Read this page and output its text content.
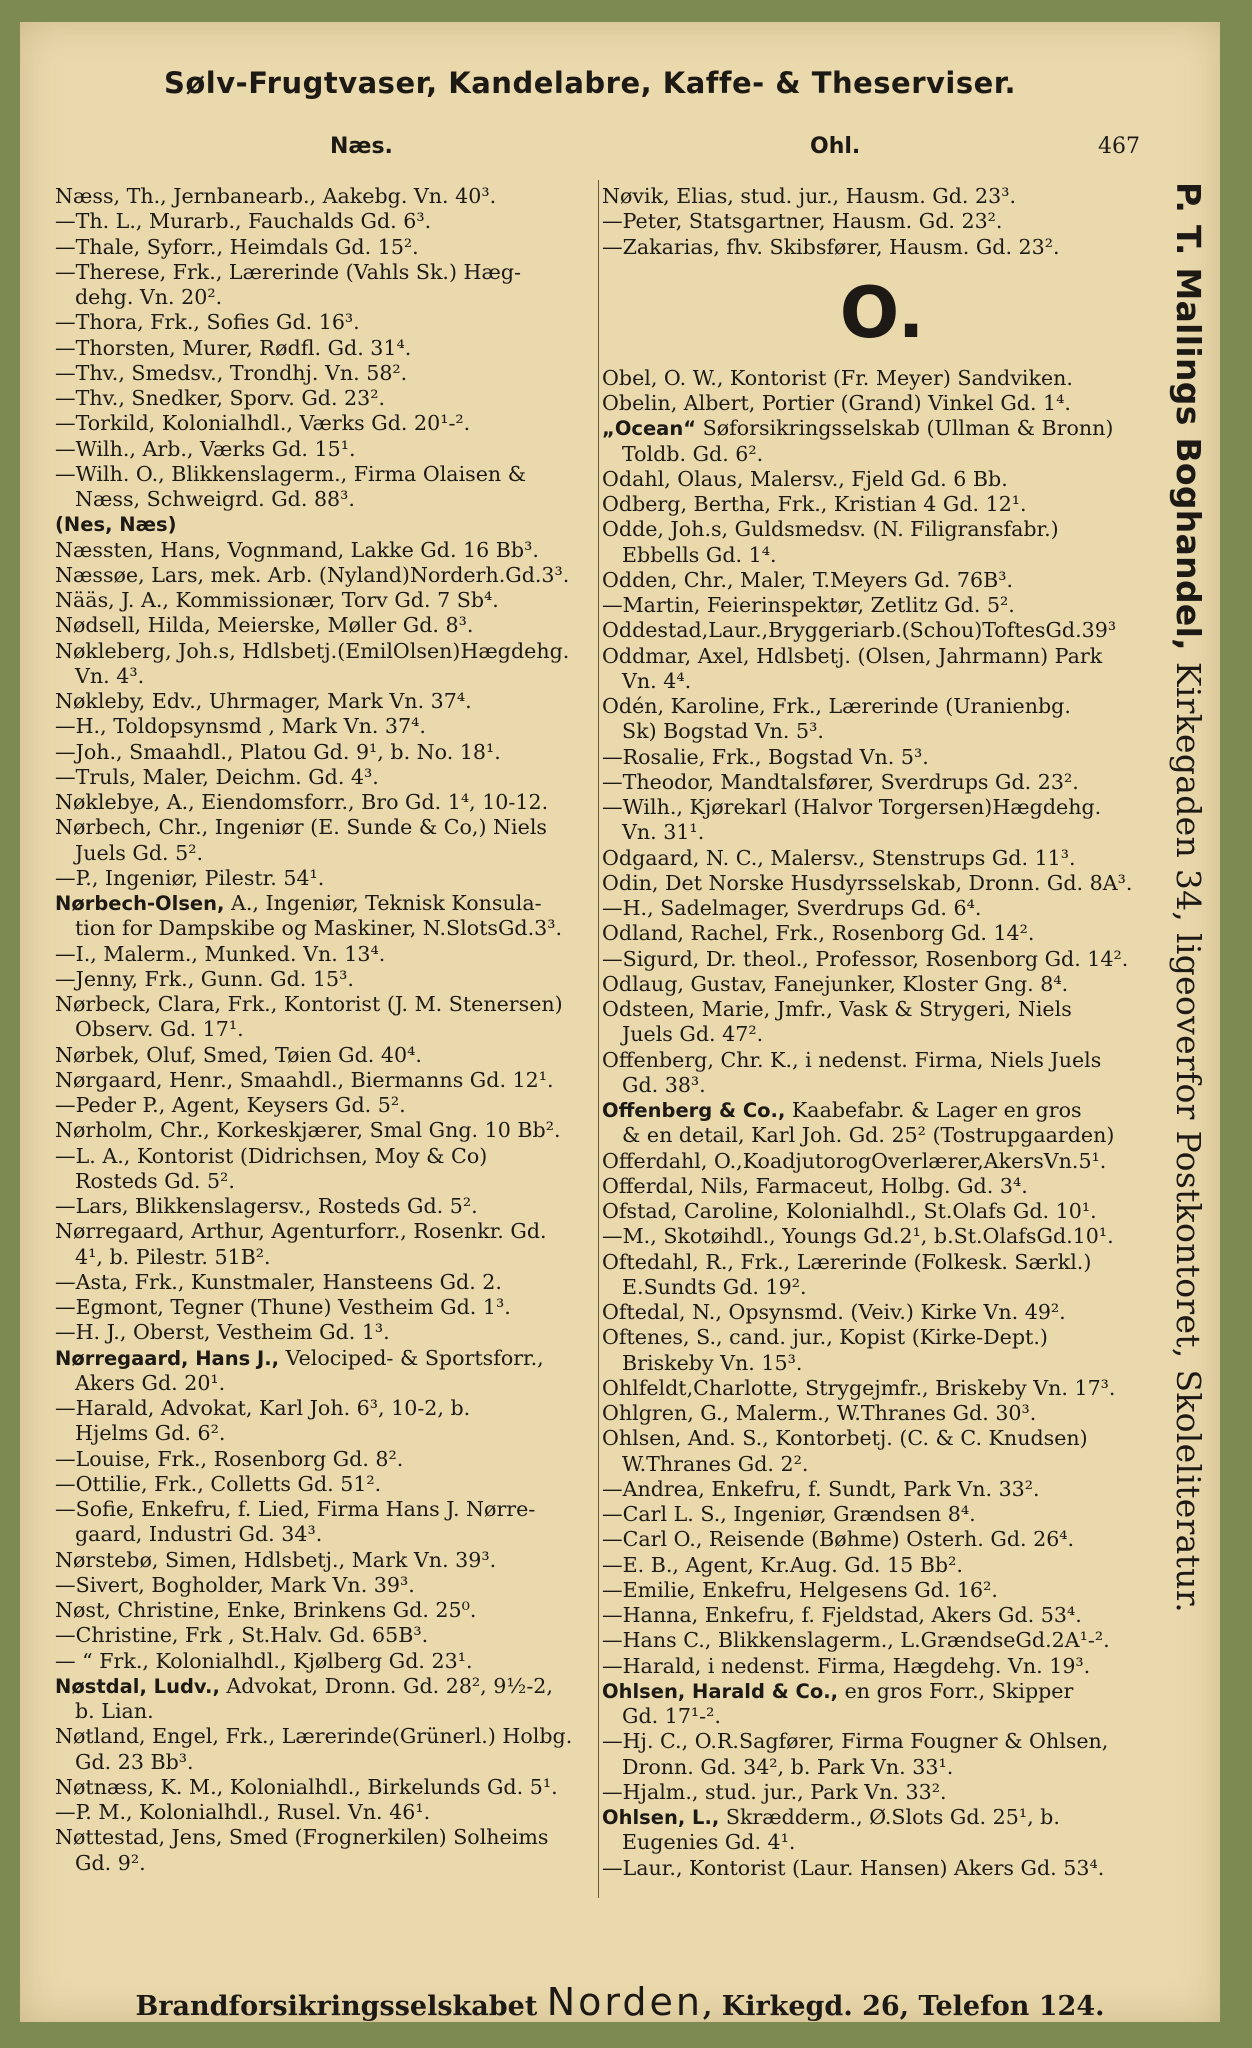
Sølv-Frugtvaser, Kandelabre, Kaffe- & Theserviser.
Næs.	Ohl.	467
Næss, Th., Jernbanearb., Aakebg. Vn. 40³.
—Th. L., Murarb., Fauchalds Gd. 6³.
—Thale, Syforr., Heimdals Gd. 15².
—Therese, Frk., Lærerinde (Vahls Sk.) Hæg-
dehg. Vn. 20².
—Thora, Frk., Sofies Gd. 16³.
—Thorsten, Murer, Rødfl. Gd. 31⁴.
—Thv., Smedsv., Trondhj. Vn. 58².
—Thv., Snedker, Sporv. Gd. 23².
—Torkild, Kolonialhdl., Værks Gd. 20¹-².
—Wilh., Arb., Værks Gd. 15¹.
—Wilh. O., Blikkenslagerm., Firma Olaisen &
Næss, Schweigrd. Gd. 88³.
(Nes, Næs)
Næssten, Hans, Vognmand, Lakke Gd. 16 Bb³.
Næssøe, Lars, mek. Arb. (Nyland)Norderh.Gd.3³.
Nääs, J. A., Kommissionær, Torv Gd. 7 Sb⁴.
Nødsell, Hilda, Meierske, Møller Gd. 8³.
Nøkleberg, Joh.s, Hdlsbetj.(EmilOlsen)Hægdehg.
Vn. 4³.
Nøkleby, Edv., Uhrmager, Mark Vn. 37⁴.
—H., Toldopsynsmd , Mark Vn. 37⁴.
—Joh., Smaahdl., Platou Gd. 9¹, b. No. 18¹.
—Truls, Maler, Deichm. Gd. 4³.
Nøklebye, A., Eiendomsforr., Bro Gd. 1⁴, 10-12.
Nørbech, Chr., Ingeniør (E. Sunde & Co,) Niels
Juels Gd. 5².
—P., Ingeniør, Pilestr. 54¹.
Nørbech-Olsen, A., Ingeniør, Teknisk Konsula-
tion for Dampskibe og Maskiner, N.SlotsGd.3³.
—I., Malerm., Munked. Vn. 13⁴.
—Jenny, Frk., Gunn. Gd. 15³.
Nørbeck, Clara, Frk., Kontorist (J. M. Stenersen)
Observ. Gd. 17¹.
Nørbek, Oluf, Smed, Tøien Gd. 40⁴.
Nørgaard, Henr., Smaahdl., Biermanns Gd. 12¹.
—Peder P., Agent, Keysers Gd. 5².
Nørholm, Chr., Korkeskjærer, Smal Gng. 10 Bb².
—L. A., Kontorist (Didrichsen, Moy & Co)
Rosteds Gd. 5².
—Lars, Blikkenslagersv., Rosteds Gd. 5².
Nørregaard, Arthur, Agenturforr., Rosenkr. Gd.
4¹, b. Pilestr. 51B².
—Asta, Frk., Kunstmaler, Hansteens Gd. 2.
—Egmont, Tegner (Thune) Vestheim Gd. 1³.
—H. J., Oberst, Vestheim Gd. 1³.
Nørregaard, Hans J., Velociped- & Sportsforr.,
Akers Gd. 20¹.
—Harald, Advokat, Karl Joh. 6³, 10-2, b.
Hjelms Gd. 6².
—Louise, Frk., Rosenborg Gd. 8².
—Ottilie, Frk., Colletts Gd. 51².
—Sofie, Enkefru, f. Lied, Firma Hans J. Nørre-
gaard, Industri Gd. 34³.
Nørstebø, Simen, Hdlsbetj., Mark Vn. 39³.
—Sivert, Bogholder, Mark Vn. 39³.
Nøst, Christine, Enke, Brinkens Gd. 25⁰.
—Christine, Frk , St.Halv. Gd. 65B³.
— “ Frk., Kolonialhdl., Kjølberg Gd. 23¹.
Nøstdal, Ludv., Advokat, Dronn. Gd. 28², 9½-2,
b. Lian.
Nøtland, Engel, Frk., Lærerinde(Grünerl.) Holbg.
Gd. 23 Bb³.
Nøtnæss, K. M., Kolonialhdl., Birkelunds Gd. 5¹.
—P. M., Kolonialhdl., Rusel. Vn. 46¹.
Nøttestad, Jens, Smed (Frognerkilen) Solheims
Gd. 9².
Nøvik, Elias, stud. jur., Hausm. Gd. 23³.
—Peter, Statsgartner, Hausm. Gd. 23².
—Zakarias, fhv. Skibsfører, Hausm. Gd. 23².
O.
Obel, O. W., Kontorist (Fr. Meyer) Sandviken.
Obelin, Albert, Portier (Grand) Vinkel Gd. 1⁴.
„Ocean“ Søforsikringsselskab (Ullman & Bronn)
Toldb. Gd. 6².
Odahl, Olaus, Malersv., Fjeld Gd. 6 Bb.
Odberg, Bertha, Frk., Kristian 4 Gd. 12¹.
Odde, Joh.s, Guldsmedsv. (N. Filigransfabr.)
Ebbells Gd. 1⁴.
Odden, Chr., Maler, T.Meyers Gd. 76B³.
—Martin, Feierinspektør, Zetlitz Gd. 5².
Oddestad,Laur.,Bryggeriarb.(Schou)ToftesGd.39³
Oddmar, Axel, Hdlsbetj. (Olsen, Jahrmann) Park
Vn. 4⁴.
Odén, Karoline, Frk., Lærerinde (Uranienbg.
Sk) Bogstad Vn. 5³.
—Rosalie, Frk., Bogstad Vn. 5³.
—Theodor, Mandtalsfører, Sverdrups Gd. 23².
—Wilh., Kjørekarl (Halvor Torgersen)Hægdehg.
Vn. 31¹.
Odgaard, N. C., Malersv., Stenstrups Gd. 11³.
Odin, Det Norske Husdyrsselskab, Dronn. Gd. 8A³.
—H., Sadelmager, Sverdrups Gd. 6⁴.
Odland, Rachel, Frk., Rosenborg Gd. 14².
—Sigurd, Dr. theol., Professor, Rosenborg Gd. 14².
Odlaug, Gustav, Fanejunker, Kloster Gng. 8⁴.
Odsteen, Marie, Jmfr., Vask & Strygeri, Niels
Juels Gd. 47².
Offenberg, Chr. K., i nedenst. Firma, Niels Juels
Gd. 38³.
Offenberg & Co., Kaabefabr. & Lager en gros
& en detail, Karl Joh. Gd. 25² (Tostrupgaarden)
Offerdahl, O.,KoadjutorogOverlærer,AkersVn.5¹.
Offerdal, Nils, Farmaceut, Holbg. Gd. 3⁴.
Ofstad, Caroline, Kolonialhdl., St.Olafs Gd. 10¹.
—M., Skotøihdl., Youngs Gd.2¹, b.St.OlafsGd.10¹.
Oftedahl, R., Frk., Lærerinde (Folkesk. Særkl.)
E.Sundts Gd. 19².
Oftedal, N., Opsynsmd. (Veiv.) Kirke Vn. 49².
Oftenes, S., cand. jur., Kopist (Kirke-Dept.)
Briskeby Vn. 15³.
Ohlfeldt,Charlotte, Strygejmfr., Briskeby Vn. 17³.
Ohlgren, G., Malerm., W.Thranes Gd. 30³.
Ohlsen, And. S., Kontorbetj. (C. & C. Knudsen)
W.Thranes Gd. 2².
—Andrea, Enkefru, f. Sundt, Park Vn. 33².
—Carl L. S., Ingeniør, Grændsen 8⁴.
—Carl O., Reisende (Bøhme) Osterh. Gd. 26⁴.
—E. B., Agent, Kr.Aug. Gd. 15 Bb².
—Emilie, Enkefru, Helgesens Gd. 16².
—Hanna, Enkefru, f. Fjeldstad, Akers Gd. 53⁴.
—Hans C., Blikkenslagerm., L.GrændseGd.2A¹-².
—Harald, i nedenst. Firma, Hægdehg. Vn. 19³.
Ohlsen, Harald & Co., en gros Forr., Skipper
Gd. 17¹-².
—Hj. C., O.R.Sagfører, Firma Fougner & Ohlsen,
Dronn. Gd. 34², b. Park Vn. 33¹.
—Hjalm., stud. jur., Park Vn. 33².
Ohlsen, L., Skrædderm., Ø.Slots Gd. 25¹, b.
Eugenies Gd. 4¹.
—Laur., Kontorist (Laur. Hansen) Akers Gd. 53⁴.
P. T. Mallings Boghandel, Kirkegaden 34, ligeoverfor Postkontoret, Skoleliteratur.
Brandforsikringsselskabet Norden, Kirkegd. 26, Telefon 124.
